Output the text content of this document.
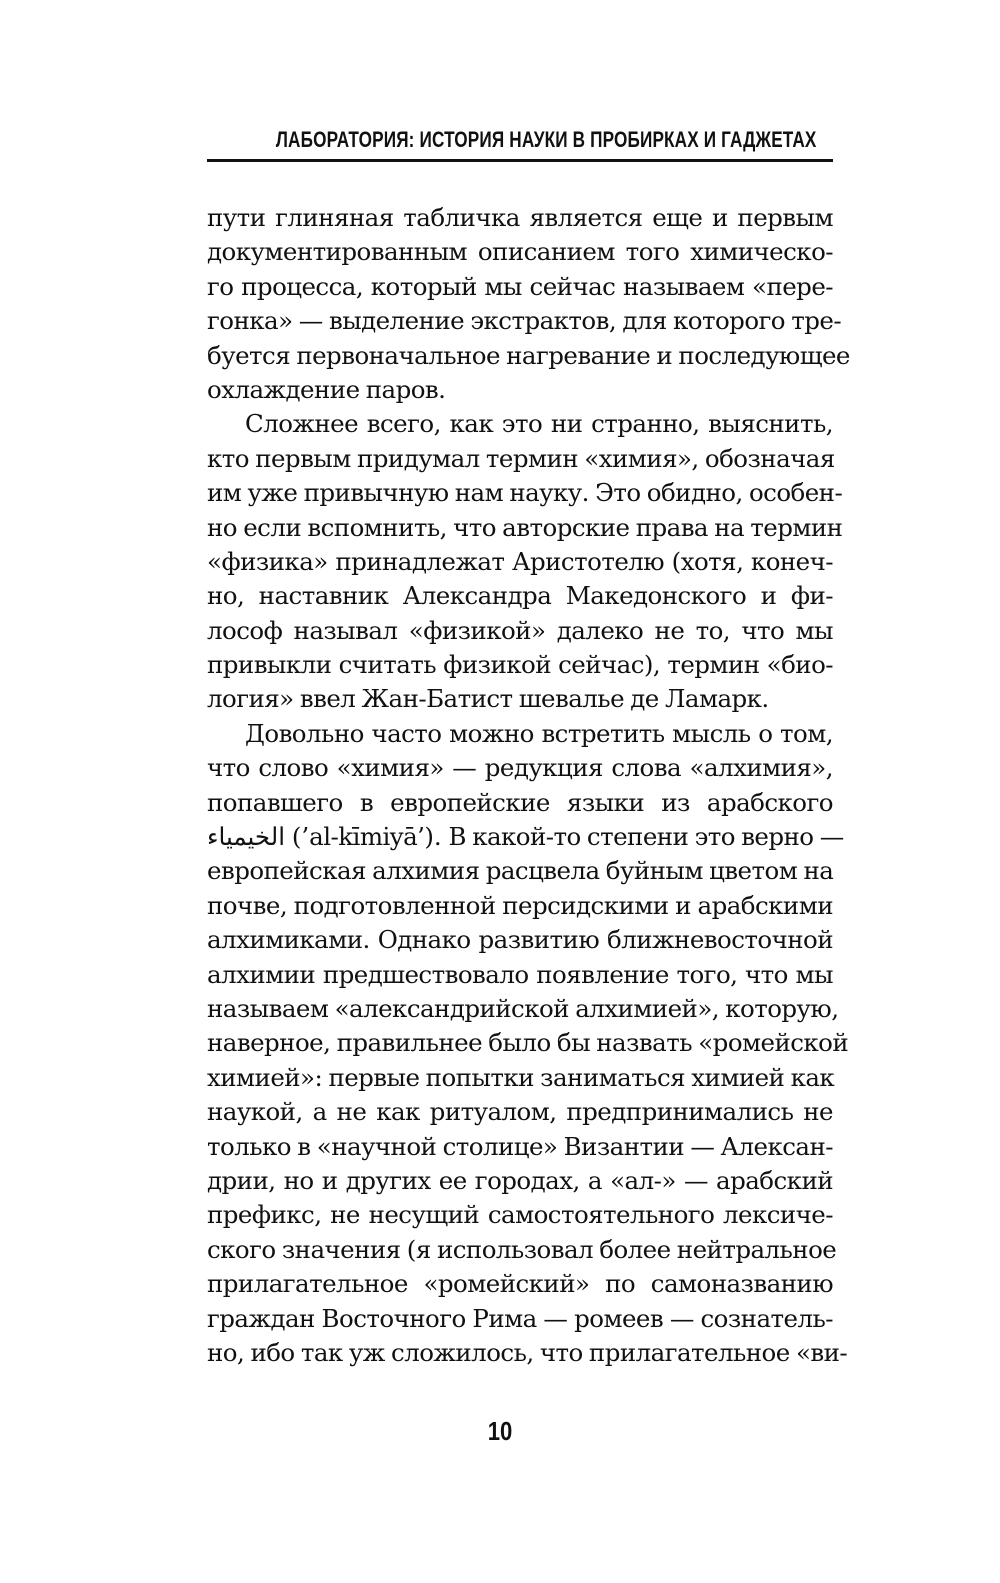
ЛАБОРАТОРИЯ: ИСТОРИЯ НАУКИ В ПРОБИРКАХ И ГАДЖЕТАХ
пути глиняная табличка является еще и первым
документированным описанием того химическо-
го процесса, который мы сейчас называем «пере-
гонка» — выделение экстрактов, для которого тре-
буется первоначальное нагревание и последующее
охлаждение паров.
Сложнее всего, как это ни странно, выяснить,
кто первым придумал термин «химия», обозначая
им уже привычную нам науку. Это обидно, особен-
но если вспомнить, что авторские права на термин
«физика» принадлежат Аристотелю (хотя, конеч-
но, наставник Александра Македонского и фи-
лософ называл «физикой» далеко не то, что мы
привыкли считать физикой сейчас), термин «био-
логия» ввел Жан-Батист шевалье де Ламарк.
Довольно часто можно встретить мысль о том,
что слово «химия» — редукция слова «алхимия»,
попавшего в европейские языки из арабского
الخيمياء (’al-kīmiyā’). В какой-то степени это верно —
европейская алхимия расцвела буйным цветом на
почве, подготовленной персидскими и арабскими
алхимиками. Однако развитию ближневосточной
алхимии предшествовало появление того, что мы
называем «александрийской алхимией», которую,
наверное, правильнее было бы назвать «ромейской
химией»: первые попытки заниматься химией как
наукой, а не как ритуалом, предпринимались не
только в «научной столице» Византии — Алексан-
дрии, но и других ее городах, а «ал-» — арабский
префикс, не несущий самостоятельного лексиче-
ского значения (я использовал более нейтральное
прилагательное «ромейский» по самоназванию
граждан Восточного Рима — ромеев — сознатель-
но, ибо так уж сложилось, что прилагательное «ви-
10
